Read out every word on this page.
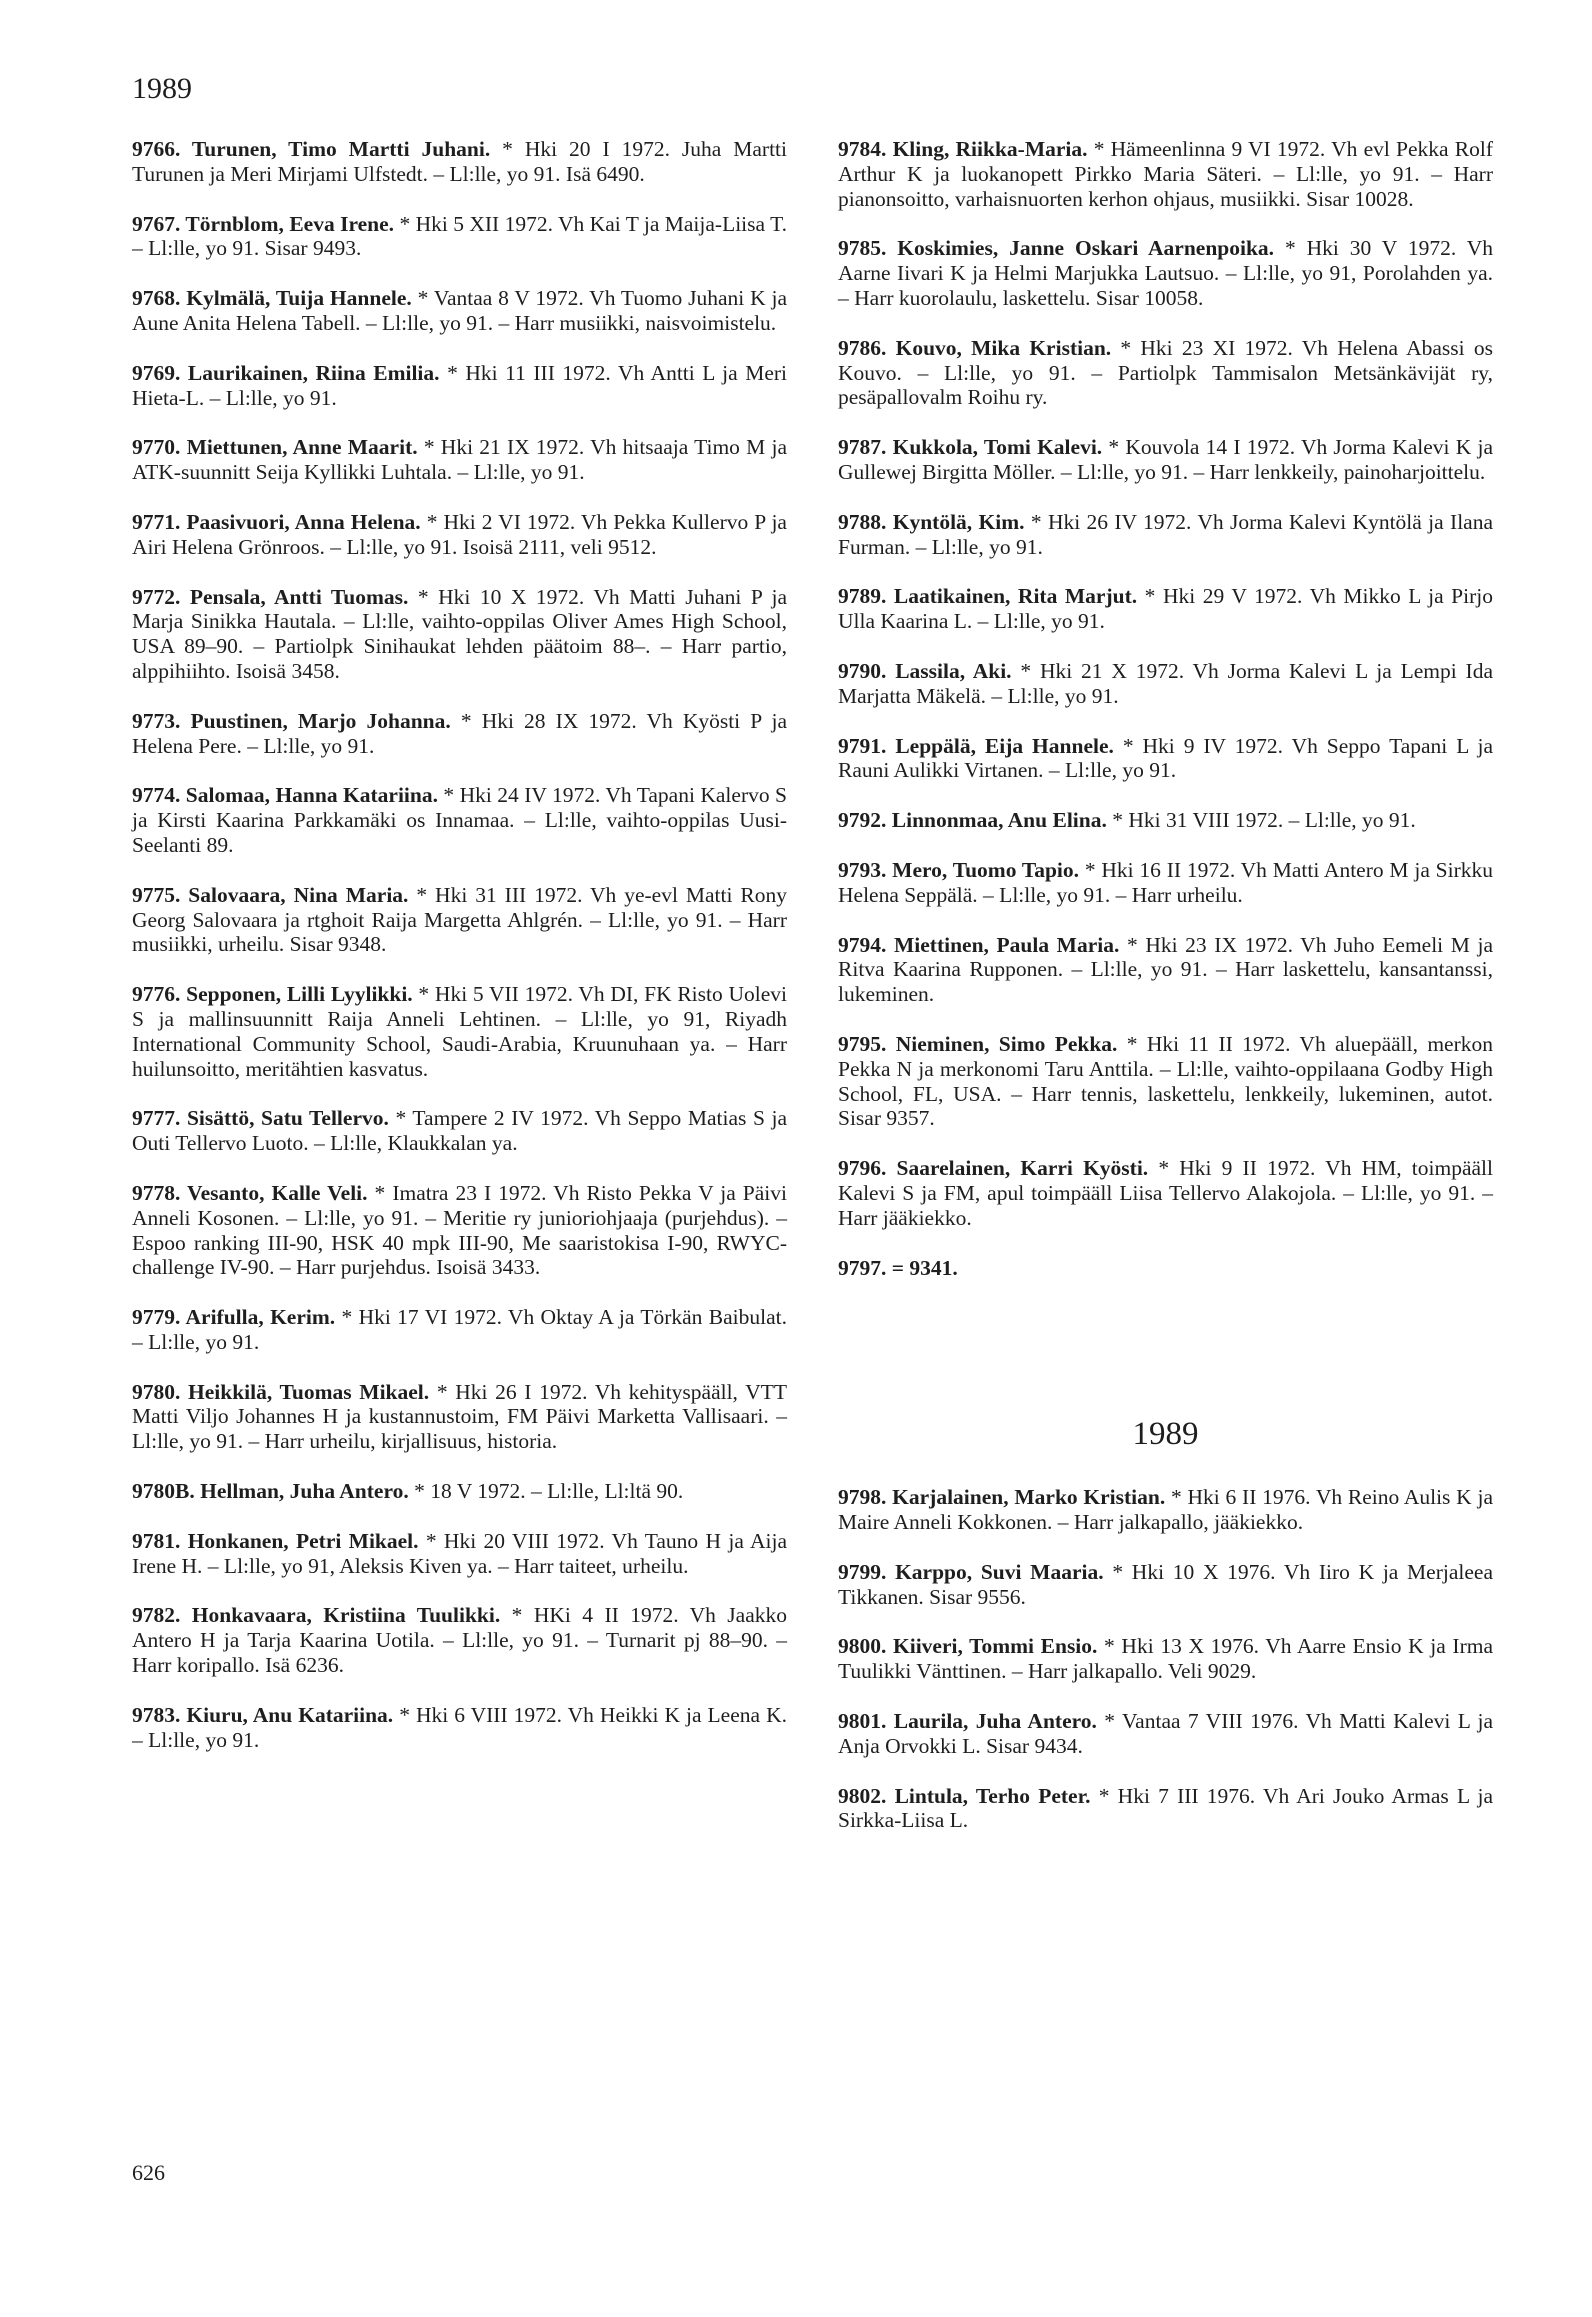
1989

9766. Turunen, Timo Martti Juhani. * Hki 20 I 1972. Juha Martti Turunen ja Meri Mirjami Ulfstedt. – Ll:lle, yo 91. Isä 6490.

9767. Törnblom, Eeva Irene. * Hki 5 XII 1972. Vh Kai T ja Maija-Liisa T. – Ll:lle, yo 91. Sisar 9493.

9768. Kylmälä, Tuija Hannele. * Vantaa 8 V 1972. Vh Tuomo Juhani K ja Aune Anita Helena Tabell. – Ll:lle, yo 91. – Harr musiikki, naisvoimistelu.

9769. Laurikainen, Riina Emilia. * Hki 11 III 1972. Vh Antti L ja Meri Hieta-L. – Ll:lle, yo 91.

9770. Miettunen, Anne Maarit. * Hki 21 IX 1972. Vh hitsaaja Timo M ja ATK-suunnitt Seija Kyllikki Luhtala. – Ll:lle, yo 91.

9771. Paasivuori, Anna Helena. * Hki 2 VI 1972. Vh Pekka Kullervo P ja Airi Helena Grönroos. – Ll:lle, yo 91. Isoisä 2111, veli 9512.

9772. Pensala, Antti Tuomas. * Hki 10 X 1972. Vh Matti Juhani P ja Marja Sinikka Hautala. – Ll:lle, vaihto-oppilas Oliver Ames High School, USA 89–90. – Partiolpk Sinihaukat lehden päätoim 88–. – Harr partio, alppihiihto. Isoisä 3458.

9773. Puustinen, Marjo Johanna. * Hki 28 IX 1972. Vh Kyösti P ja Helena Pere. – Ll:lle, yo 91.

9774. Salomaa, Hanna Katariina. * Hki 24 IV 1972. Vh Tapani Kalervo S ja Kirsti Kaarina Parkkamäki os Innamaa. – Ll:lle, vaihto-oppilas Uusi-Seelanti 89.

9775. Salovaara, Nina Maria. * Hki 31 III 1972. Vh ye-evl Matti Rony Georg Salovaara ja rtghoit Raija Margetta Ahlgrén. – Ll:lle, yo 91. – Harr musiikki, urheilu. Sisar 9348.

9776. Sepponen, Lilli Lyylikki. * Hki 5 VII 1972. Vh DI, FK Risto Uolevi S ja mallinsuunnitt Raija Anneli Lehtinen. – Ll:lle, yo 91, Riyadh International Community School, Saudi-Arabia, Kruunuhaan ya. – Harr huilunsoitto, meritähtien kasvatus.

9777. Sisättö, Satu Tellervo. * Tampere 2 IV 1972. Vh Seppo Matias S ja Outi Tellervo Luoto. – Ll:lle, Klaukkalan ya.

9778. Vesanto, Kalle Veli. * Imatra 23 I 1972. Vh Risto Pekka V ja Päivi Anneli Kosonen. – Ll:lle, yo 91. – Meritie ry junioriohjaaja (purjehdus). – Espoo ranking III-90, HSK 40 mpk III-90, Me saaristokisa I-90, RWYC-challenge IV-90. – Harr purjehdus. Isoisä 3433.

9779. Arifulla, Kerim. * Hki 17 VI 1972. Vh Oktay A ja Törkän Baibulat. – Ll:lle, yo 91.

9780. Heikkilä, Tuomas Mikael. * Hki 26 I 1972. Vh kehityspääll, VTT Matti Viljo Johannes H ja kustannustoim, FM Päivi Marketta Vallisaari. – Ll:lle, yo 91. – Harr urheilu, kirjallisuus, historia.

9780B. Hellman, Juha Antero. * 18 V 1972. – Ll:lle, Ll:ltä 90.

9781. Honkanen, Petri Mikael. * Hki 20 VIII 1972. Vh Tauno H ja Aija Irene H. – Ll:lle, yo 91, Aleksis Kiven ya. – Harr taiteet, urheilu.

9782. Honkavaara, Kristiina Tuulikki. * HKi 4 II 1972. Vh Jaakko Antero H ja Tarja Kaarina Uotila. – Ll:lle, yo 91. – Turnarit pj 88–90. – Harr koripallo. Isä 6236.

9783. Kiuru, Anu Katariina. * Hki 6 VIII 1972. Vh Heikki K ja Leena K. – Ll:lle, yo 91.

9784. Kling, Riikka-Maria. * Hämeenlinna 9 VI 1972. Vh evl Pekka Rolf Arthur K ja luokanopett Pirkko Maria Säteri. – Ll:lle, yo 91. – Harr pianonsoitto, varhaisnuorten kerhon ohjaus, musiikki. Sisar 10028.

9785. Koskimies, Janne Oskari Aarnenpoika. * Hki 30 V 1972. Vh Aarne Iivari K ja Helmi Marjukka Lautsuo. – Ll:lle, yo 91, Porolahden ya. – Harr kuorolaulu, laskettelu. Sisar 10058.

9786. Kouvo, Mika Kristian. * Hki 23 XI 1972. Vh Helena Abassi os Kouvo. – Ll:lle, yo 91. – Partiolpk Tammisalon Metsänkävijät ry, pesäpallovalm Roihu ry.

9787. Kukkola, Tomi Kalevi. * Kouvola 14 I 1972. Vh Jorma Kalevi K ja Gullewej Birgitta Möller. – Ll:lle, yo 91. – Harr lenkkeily, painoharjoittelu.

9788. Kyntölä, Kim. * Hki 26 IV 1972. Vh Jorma Kalevi Kyntölä ja Ilana Furman. – Ll:lle, yo 91.

9789. Laatikainen, Rita Marjut. * Hki 29 V 1972. Vh Mikko L ja Pirjo Ulla Kaarina L. – Ll:lle, yo 91.

9790. Lassila, Aki. * Hki 21 X 1972. Vh Jorma Kalevi L ja Lempi Ida Marjatta Mäkelä. – Ll:lle, yo 91.

9791. Leppälä, Eija Hannele. * Hki 9 IV 1972. Vh Seppo Tapani L ja Rauni Aulikki Virtanen. – Ll:lle, yo 91.

9792. Linnonmaa, Anu Elina. * Hki 31 VIII 1972. – Ll:lle, yo 91.

9793. Mero, Tuomo Tapio. * Hki 16 II 1972. Vh Matti Antero M ja Sirkku Helena Seppälä. – Ll:lle, yo 91. – Harr urheilu.

9794. Miettinen, Paula Maria. * Hki 23 IX 1972. Vh Juho Eemeli M ja Ritva Kaarina Rupponen. – Ll:lle, yo 91. – Harr laskettelu, kansantanssi, lukeminen.

9795. Nieminen, Simo Pekka. * Hki 11 II 1972. Vh aluepääll, merkon Pekka N ja merkonomi Taru Anttila. – Ll:lle, vaihto-oppilaana Godby High School, FL, USA. – Harr tennis, laskettelu, lenkkeily, lukeminen, autot. Sisar 9357.

9796. Saarelainen, Karri Kyösti. * Hki 9 II 1972. Vh HM, toimpääll Kalevi S ja FM, apul toimpääll Liisa Tellervo Alakojola. – Ll:lle, yo 91. – Harr jääkiekko.

9797. = 9341.

1989

9798. Karjalainen, Marko Kristian. * Hki 6 II 1976. Vh Reino Aulis K ja Maire Anneli Kokkonen. – Harr jalkapallo, jääkiekko.

9799. Karppo, Suvi Maaria. * Hki 10 X 1976. Vh Iiro K ja Merjaleea Tikkanen. Sisar 9556.

9800. Kiiveri, Tommi Ensio. * Hki 13 X 1976. Vh Aarre Ensio K ja Irma Tuulikki Vänttinen. – Harr jalkapallo. Veli 9029.

9801. Laurila, Juha Antero. * Vantaa 7 VIII 1976. Vh Matti Kalevi L ja Anja Orvokki L. Sisar 9434.

9802. Lintula, Terho Peter. * Hki 7 III 1976. Vh Ari Jouko Armas L ja Sirkka-Liisa L.

626
